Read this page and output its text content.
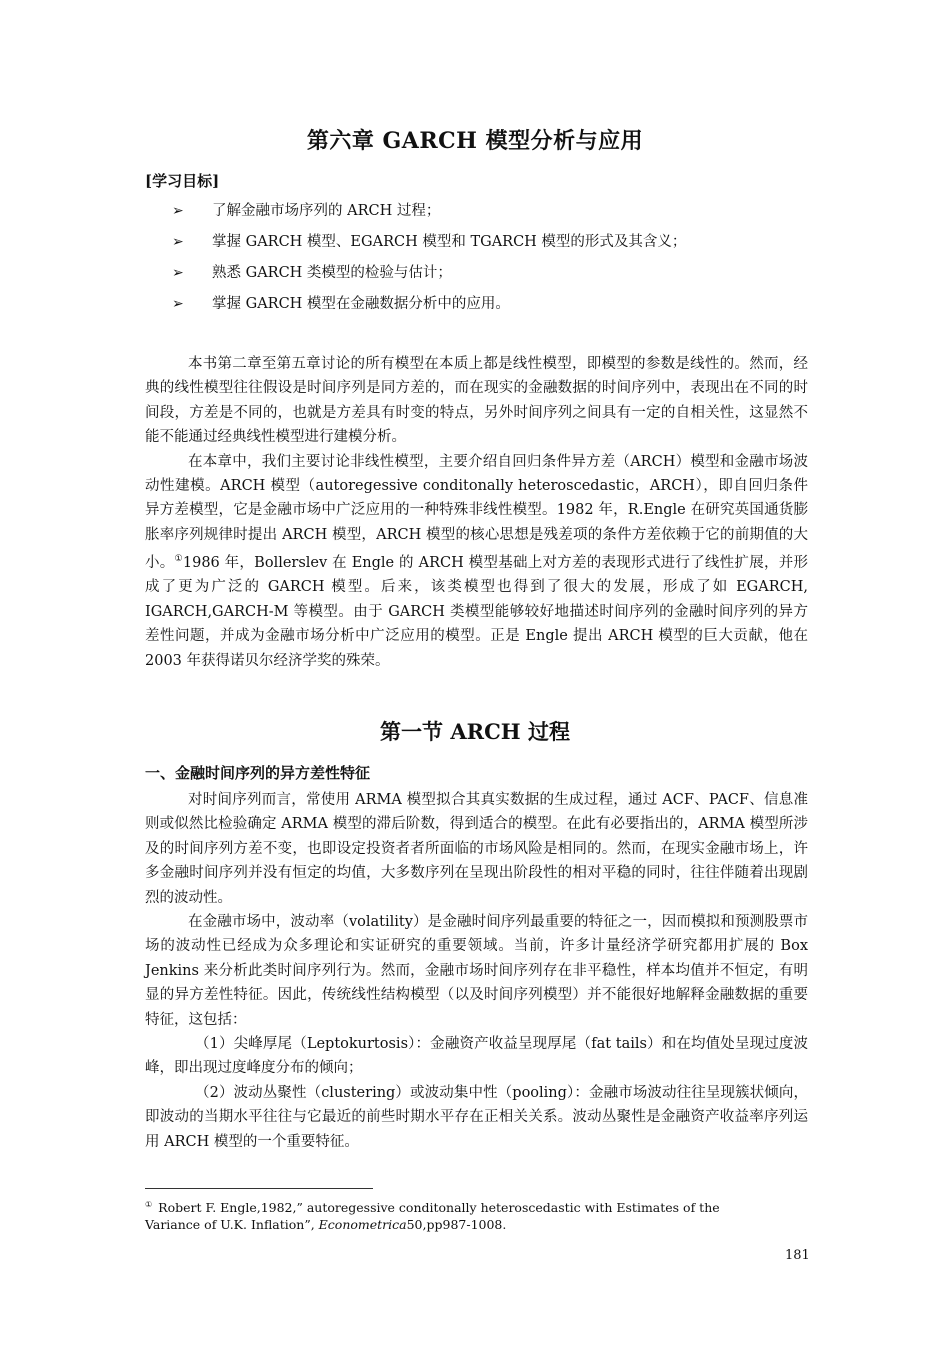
第六章 GARCH 模型分析与应用
[学习目标]
➢ 了解金融市场序列的 ARCH 过程；
➢ 掌握 GARCH 模型、EGARCH 模型和 TGARCH 模型的形式及其含义；
➢ 熟悉 GARCH 类模型的检验与估计；
➢ 掌握 GARCH 模型在金融数据分析中的应用。

本书第二章至第五章讨论的所有模型在本质上都是线性模型，即模型的参数是线性的。然而，经典的线性模型往往假设是时间序列是同方差的，而在现实的金融数据的时间序列中，表现出在不同的时间段，方差是不同的，也就是方差具有时变的特点，另外时间序列之间具有一定的自相关性，这显然不能不能通过经典线性模型进行建模分析。

在本章中，我们主要讨论非线性模型，主要介绍自回归条件异方差（ARCH）模型和金融市场波动性建模。ARCH 模型（autoregessive conditonally heteroscedastic，ARCH），即自回归条件异方差模型，它是金融市场中广泛应用的一种特殊非线性模型。1982 年，R.Engle 在研究英国通货膨胀率序列规律时提出 ARCH 模型，ARCH 模型的核心思想是残差项的条件方差依赖于它的前期值的大小。①1986 年，Bollerslev 在 Engle 的 ARCH 模型基础上对方差的表现形式进行了线性扩展，并形成了更为广泛的 GARCH 模型。后来，该类模型也得到了很大的发展，形成了如 EGARCH, IGARCH,GARCH-M 等模型。由于 GARCH 类模型能够较好地描述时间序列的金融时间序列的异方差性问题，并成为金融市场分析中广泛应用的模型。正是 Engle 提出 ARCH 模型的巨大贡献，他在 2003 年获得诺贝尔经济学奖的殊荣。

第一节 ARCH 过程
一、金融时间序列的异方差性特征

对时间序列而言，常使用 ARMA 模型拟合其真实数据的生成过程，通过 ACF、PACF、信息准则或似然比检验确定 ARMA 模型的滞后阶数，得到适合的模型。在此有必要指出的，ARMA 模型所涉及的时间序列方差不变，也即设定投资者者所面临的市场风险是相同的。然而，在现实金融市场上，许多金融时间序列并没有恒定的均值，大多数序列在呈现出阶段性的相对平稳的同时，往往伴随着出现剧烈的波动性。

在金融市场中，波动率（volatility）是金融时间序列最重要的特征之一，因而模拟和预测股票市场的波动性已经成为众多理论和实证研究的重要领域。当前，许多计量经济学研究都用扩展的 Box Jenkins 来分析此类时间序列行为。然而，金融市场时间序列存在非平稳性，样本均值并不恒定，有明显的异方差性特征。因此，传统线性结构模型（以及时间序列模型）并不能很好地解释金融数据的重要特征，这包括：

（1）尖峰厚尾（Leptokurtosis）：金融资产收益呈现厚尾（fat tails）和在均值处呈现过度波峰，即出现过度峰度分布的倾向；

（2）波动丛聚性（clustering）或波动集中性（pooling）：金融市场波动往往呈现簇状倾向，即波动的当期水平往往与它最近的前些时期水平存在正相关关系。波动丛聚性是金融资产收益率序列运用 ARCH 模型的一个重要特征。

① Robert F. Engle,1982,” autoregessive conditonally heteroscedastic with Estimates of the Variance of U.K. Inflation”, Econometrica50,pp987-1008.
181
